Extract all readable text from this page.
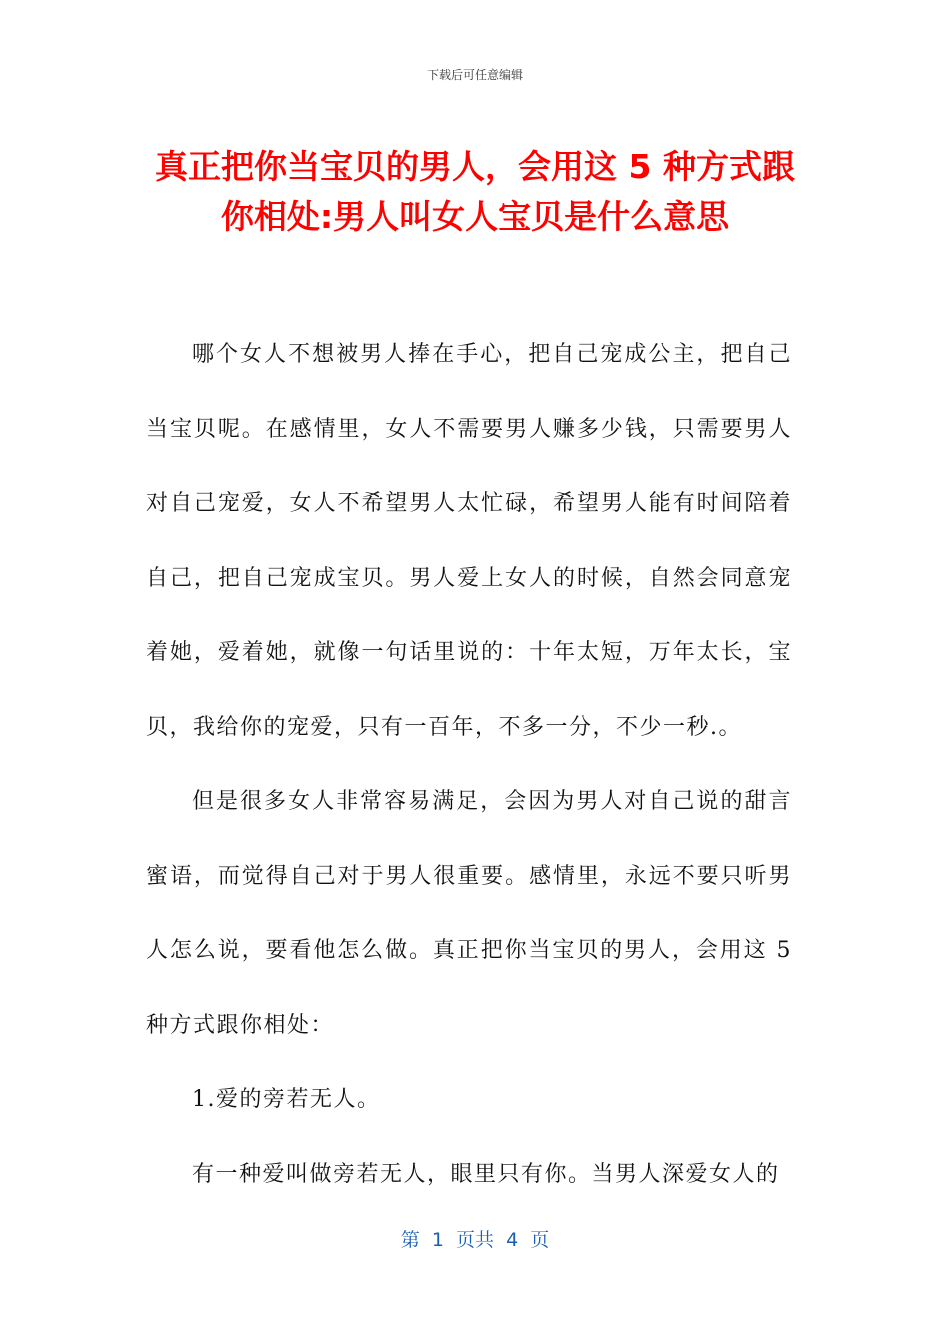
下载后可任意编辑
真正把你当宝贝的男人，会用这 5 种方式跟你相处:男人叫女人宝贝是什么意思

哪个女人不想被男人捧在手心，把自己宠成公主，把自己当宝贝呢。在感情里，女人不需要男人赚多少钱，只需要男人对自己宠爱，女人不希望男人太忙碌，希望男人能有时间陪着自己，把自己宠成宝贝。男人爱上女人的时候，自然会同意宠着她，爱着她，就像一句话里说的：十年太短，万年太长，宝贝，我给你的宠爱，只有一百年，不多一分，不少一秒.。

但是很多女人非常容易满足，会因为男人对自己说的甜言蜜语，而觉得自己对于男人很重要。感情里，永远不要只听男人怎么说，要看他怎么做。真正把你当宝贝的男人，会用这 5 种方式跟你相处：

1.爱的旁若无人。

有一种爱叫做旁若无人，眼里只有你。当男人深爱女人的

第  1  页共  4  页
